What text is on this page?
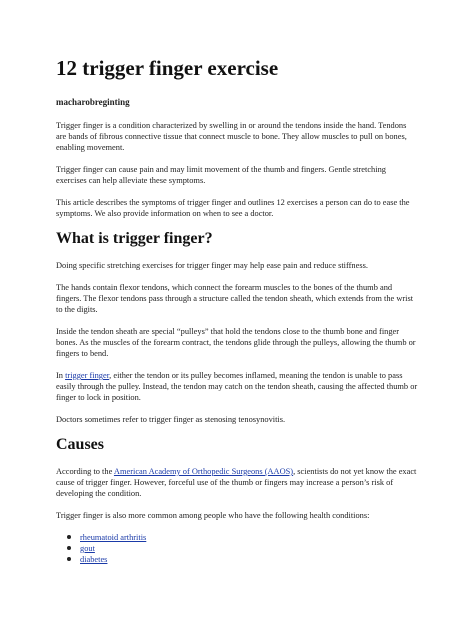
12 trigger finger exercise
macharobreginting

Trigger finger is a condition characterized by swelling in or around the tendons inside the hand. Tendons are bands of fibrous connective tissue that connect muscle to bone. They allow muscles to pull on bones, enabling movement.

Trigger finger can cause pain and may limit movement of the thumb and fingers. Gentle stretching exercises can help alleviate these symptoms.

This article describes the symptoms of trigger finger and outlines 12 exercises a person can do to ease the symptoms. We also provide information on when to see a doctor.

What is trigger finger?

Doing specific stretching exercises for trigger finger may help ease pain and reduce stiffness.

The hands contain flexor tendons, which connect the forearm muscles to the bones of the thumb and fingers. The flexor tendons pass through a structure called the tendon sheath, which extends from the wrist to the digits.

Inside the tendon sheath are special “pulleys” that hold the tendons close to the thumb bone and finger bones. As the muscles of the forearm contract, the tendons glide through the pulleys, allowing the thumb or fingers to bend.

In trigger finger, either the tendon or its pulley becomes inflamed, meaning the tendon is unable to pass easily through the pulley. Instead, the tendon may catch on the tendon sheath, causing the affected thumb or finger to lock in position.

Doctors sometimes refer to trigger finger as stenosing tenosynovitis.

Causes

According to the American Academy of Orthopedic Surgeons (AAOS), scientists do not yet know the exact cause of trigger finger. However, forceful use of the thumb or fingers may increase a person’s risk of developing the condition.

Trigger finger is also more common among people who have the following health conditions:

rheumatoid arthritis
gout
diabetes
